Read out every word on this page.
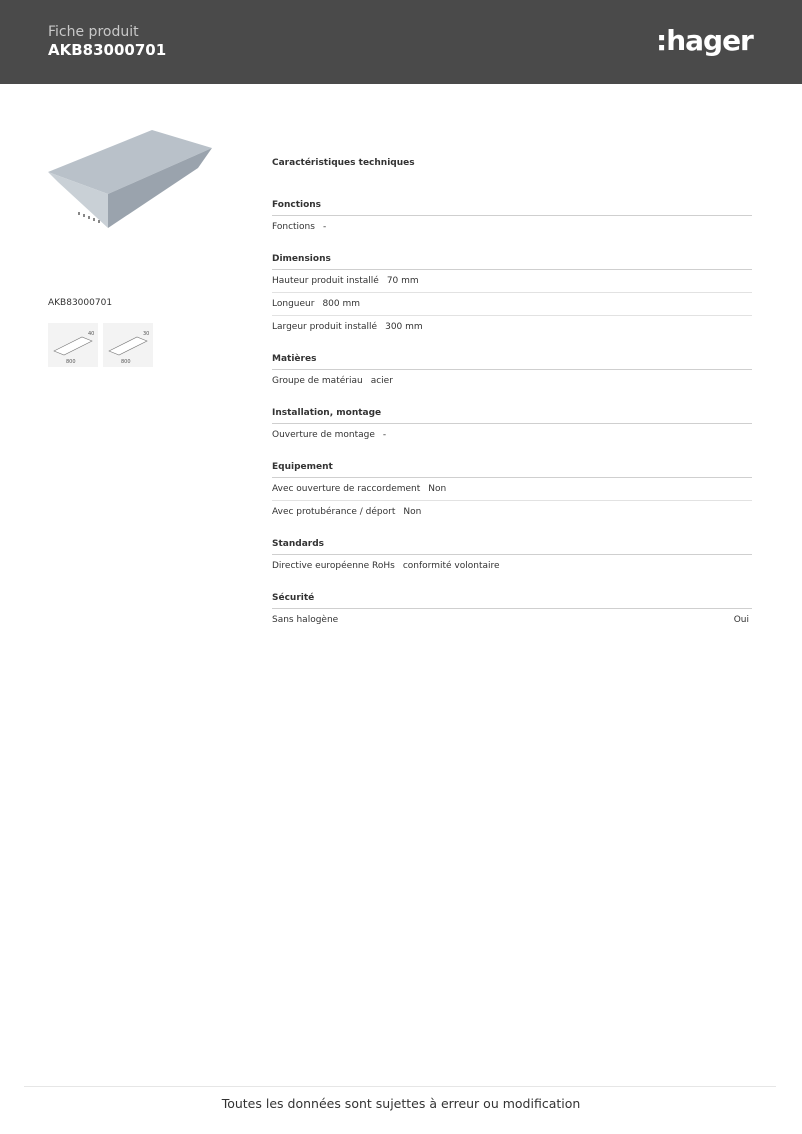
Fiche produit
AKB83000701	:hager
AKB83000701
800
40
800
30
Caractéristiques techniques
Fonctions
Fonctions -
Dimensions
Hauteur produit installé 70 mm
Longueur 800 mm
Largeur produit installé 300 mm
Matières
Groupe de matériau acier
Installation, montage
Ouverture de montage -
Equipement
Avec ouverture de raccordement Non
Avec protubérance / déport Non
Standards
Directive européenne RoHs conformité volontaire
Sécurité
Sans halogène	Oui
Toutes les données sont sujettes à erreur ou modification
